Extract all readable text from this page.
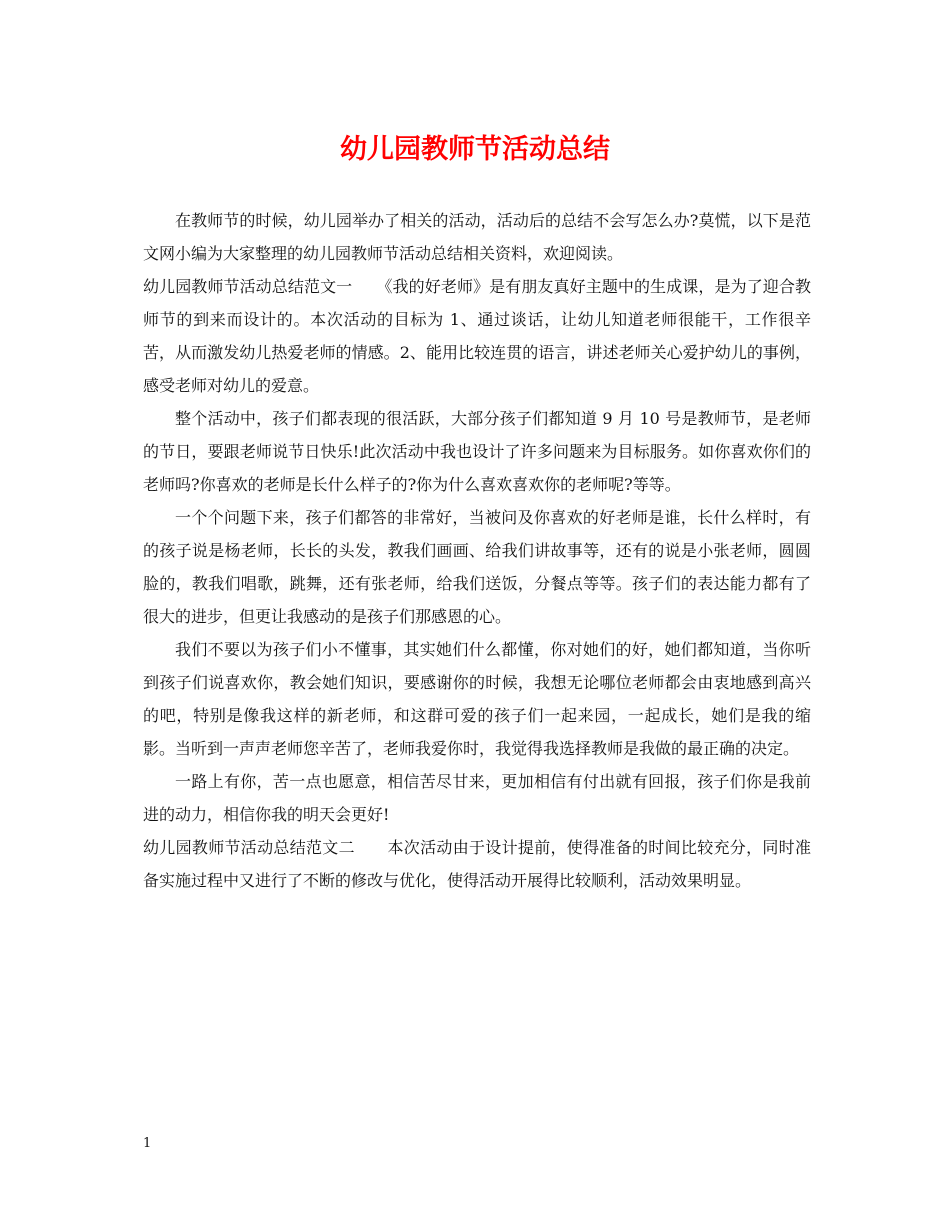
幼儿园教师节活动总结

在教师节的时候，幼儿园举办了相关的活动，活动后的总结不会写怎么办?莫慌，以下是范文网小编为大家整理的幼儿园教师节活动总结相关资料，欢迎阅读。

幼儿园教师节活动总结范文一　　《我的好老师》是有朋友真好主题中的生成课，是为了迎合教师节的到来而设计的。本次活动的目标为 1、通过谈话，让幼儿知道老师很能干，工作很辛苦，从而激发幼儿热爱老师的情感。2、能用比较连贯的语言，讲述老师关心爱护幼儿的事例，感受老师对幼儿的爱意。

整个活动中，孩子们都表现的很活跃，大部分孩子们都知道 9 月 10 号是教师节，是老师的节日，要跟老师说节日快乐!此次活动中我也设计了许多问题来为目标服务。如你喜欢你们的老师吗?你喜欢的老师是长什么样子的?你为什么喜欢喜欢你的老师呢?等等。

一个个问题下来，孩子们都答的非常好，当被问及你喜欢的好老师是谁，长什么样时，有的孩子说是杨老师，长长的头发，教我们画画、给我们讲故事等，还有的说是小张老师，圆圆脸的，教我们唱歌，跳舞，还有张老师，给我们送饭，分餐点等等。孩子们的表达能力都有了很大的进步，但更让我感动的是孩子们那感恩的心。

我们不要以为孩子们小不懂事，其实她们什么都懂，你对她们的好，她们都知道，当你听到孩子们说喜欢你，教会她们知识，要感谢你的时候，我想无论哪位老师都会由衷地感到高兴的吧，特别是像我这样的新老师，和这群可爱的孩子们一起来园，一起成长，她们是我的缩影。当听到一声声老师您辛苦了，老师我爱你时，我觉得我选择教师是我做的最正确的决定。

一路上有你，苦一点也愿意，相信苦尽甘来，更加相信有付出就有回报，孩子们你是我前进的动力，相信你我的明天会更好!

幼儿园教师节活动总结范文二　　本次活动由于设计提前，使得准备的时间比较充分，同时准备实施过程中又进行了不断的修改与优化，使得活动开展得比较顺利，活动效果明显。

1
